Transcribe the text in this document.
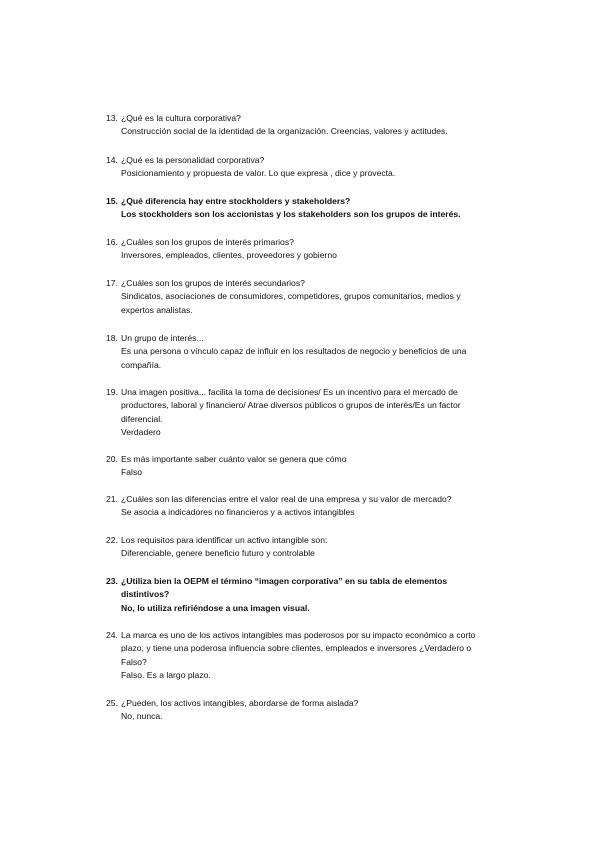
13. ¿Qué es la cultura corporativa?
Construcción social de la identidad de la organización. Creencias, valores y actitudes.
14. ¿Qué es la personalidad corporativa?
Posicionamiento y propuesta de valor. Lo que expresa , dice y provecta.
15. ¿Qué diferencia hay entre stockholders y stakeholders?
Los stockholders son los accionistas y los stakeholders son los grupos de interés.
16. ¿Cuáles son los grupos de interés primarios?
Inversores, empleados, clientes, proveedores y gobierno
17. ¿Cuáles son los grupos de interés secundarios?
Sindicatos, asociaciones de consumidores, competidores, grupos comunitarios, medios y expertos analistas.
18. Un grupo de interés...
Es una persona o vínculo capaz de influir en los resultados de negocio y beneficios de una compañía.
19. Una imagen positiva... facilita la toma de decisiones/ Es un incentivo para el mercado de productores, laboral y financiero/ Atrae diversos públicos o grupos de interés/Es un factor diferencial.
Verdadero
20. Es más importante saber cuánto valor se genera que cómo
Falso
21. ¿Cuáles son las diferencias entre el valor real de una empresa y su valor de mercado?
Se asocia a indicadores no financieros y a activos intangibles
22. Los requisitos para identificar un activo intangible son:
Diferenciable, genere beneficio futuro y controlable
23. ¿Utiliza bien la OEPM el término “imagen corporativa” en su tabla de elementos distintivos?
No, lo utiliza refiriéndose a una imagen visual.
24. La marca es uno de los activos intangibles mas poderosos por su impacto económico a corto plazo, y tiene una poderosa influencia sobre clientes, empleados e inversores ¿Verdadero o Falso?
Falso. Es a largo plazo.
25. ¿Pueden, los activos intangibles, abordarse de forma aislada?
No, nunca.
